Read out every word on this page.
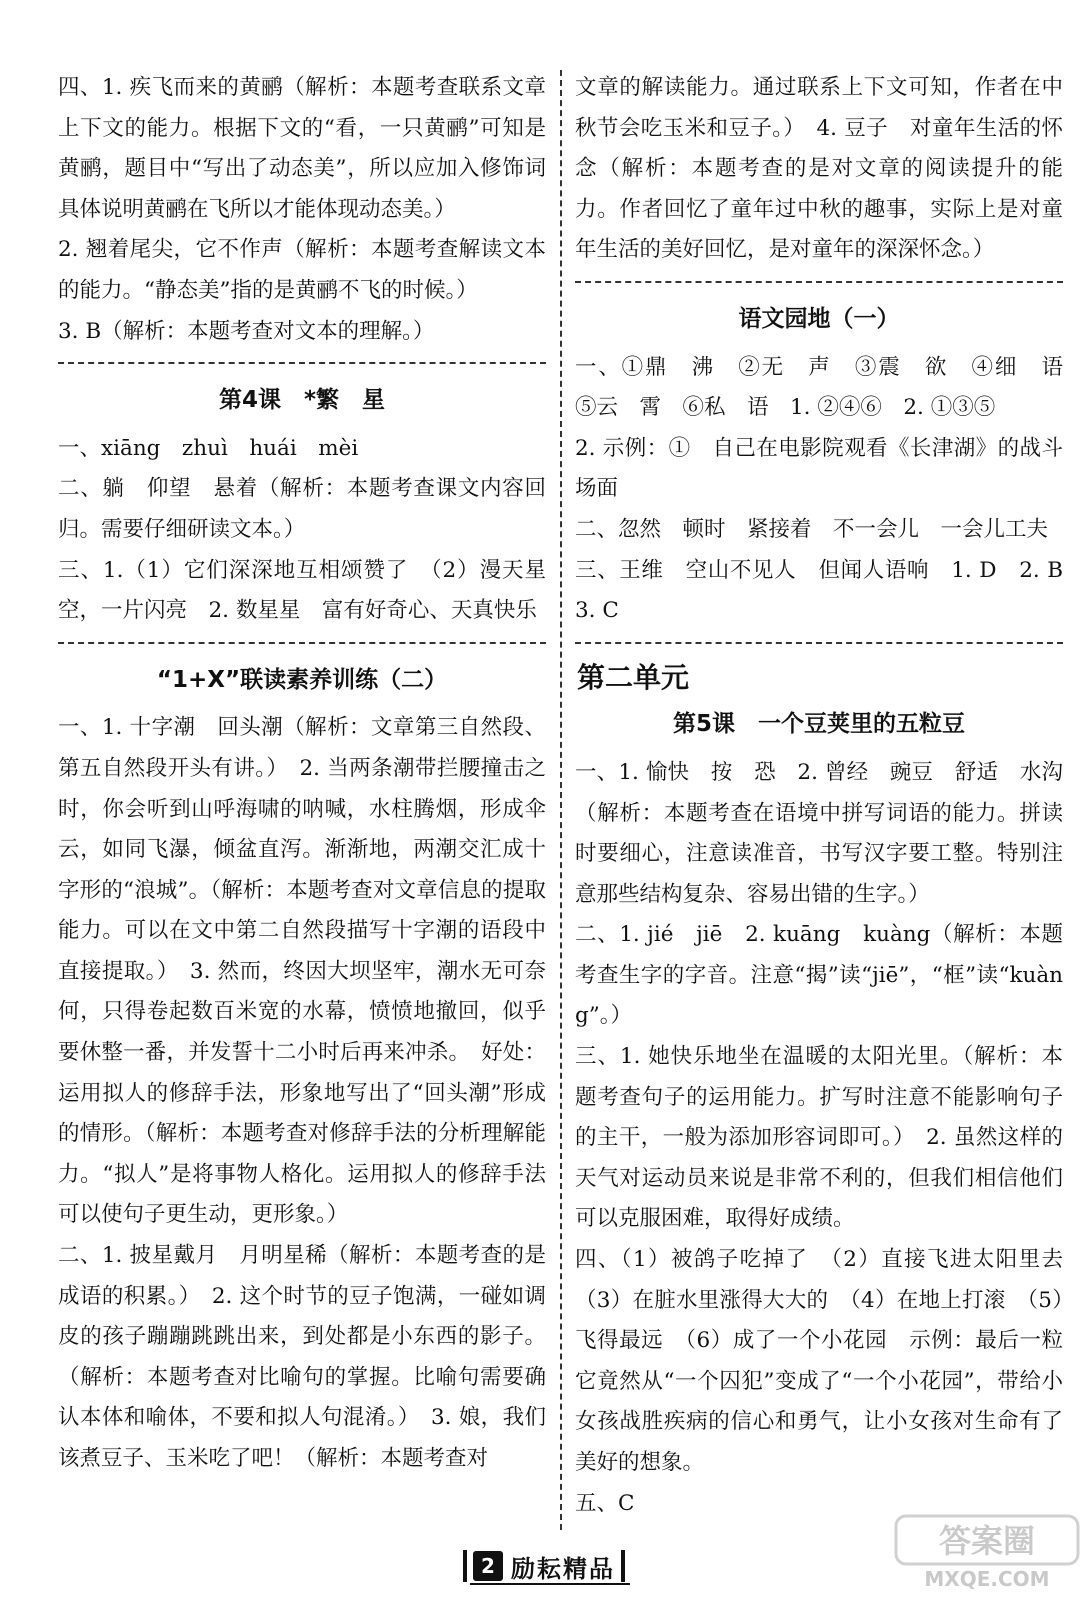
四、1. 疾飞而来的黄鹂（解析：本题考查联系文章上下文的能力。根据下文的“看，一只黄鹂”可知是黄鹂，题目中“写出了动态美”，所以应加入修饰词具体说明黄鹂在飞所以才能体现动态美。）

2. 翘着尾尖，它不作声（解析：本题考查解读文本的能力。“静态美”指的是黄鹂不飞的时候。）

3. B（解析：本题考查对文本的理解。）

第4课　*繁　星

一、xiāng　zhuì　huái　mèi

二、躺　仰望　悬着（解析：本题考查课文内容回归。需要仔细研读文本。）

三、1.（1）它们深深地互相颂赞了　（2）漫天星空，一片闪亮　2. 数星星　富有好奇心、天真快乐

“1+X”联读素养训练（二）

一、1. 十字潮　回头潮（解析：文章第三自然段、第五自然段开头有讲。）　2. 当两条潮带拦腰撞击之时，你会听到山呼海啸的呐喊，水柱腾烟，形成伞云，如同飞瀑，倾盆直泻。渐渐地，两潮交汇成十字形的“浪城”。（解析：本题考查对文章信息的提取能力。可以在文中第二自然段描写十字潮的语段中直接提取。）　3. 然而，终因大坝坚牢，潮水无可奈何，只得卷起数百米宽的水幕，愤愤地撤回，似乎要休整一番，并发誓十二小时后再来冲杀。　好处：运用拟人的修辞手法，形象地写出了“回头潮”形成的情形。（解析：本题考查对修辞手法的分析理解能力。“拟人”是将事物人格化。运用拟人的修辞手法可以使句子更生动，更形象。）

二、1. 披星戴月　月明星稀（解析：本题考查的是成语的积累。）　2. 这个时节的豆子饱满，一碰如调皮的孩子蹦蹦跳跳出来，到处都是小东西的影子。（解析：本题考查对比喻句的掌握。比喻句需要确认本体和喻体，不要和拟人句混淆。）　3. 娘，我们该煮豆子、玉米吃了吧！（解析：本题考查对

文章的解读能力。通过联系上下文可知，作者在中秋节会吃玉米和豆子。）　4. 豆子　对童年生活的怀念（解析：本题考查的是对文章的阅读提升的能力。作者回忆了童年过中秋的趣事，实际上是对童年生活的美好回忆，是对童年的深深怀念。）

语文园地（一）

一、①鼎　沸　②无　声　③震　欲　④细　语　⑤云　霄　⑥私　语　1. ②④⑥　2. ①③⑤

2. 示例：①　自己在电影院观看《长津湖》的战斗场面

二、忽然　顿时　紧接着　不一会儿　一会儿工夫

三、王维　空山不见人　但闻人语响　1. D　2. B　3. C

第二单元
第5课　一个豆荚里的五粒豆

一、1. 愉快　按　恐　2. 曾经　豌豆　舒适　水沟（解析：本题考查在语境中拼写词语的能力。拼读时要细心，注意读准音，书写汉字要工整。特别注意那些结构复杂、容易出错的生字。）

二、1. jié　jiē　2. kuāng　kuàng（解析：本题考查生字的字音。注意“揭”读“jiē”，“框”读“kuàng”。）

三、1. 她快乐地坐在温暖的太阳光里。（解析：本题考查句子的运用能力。扩写时注意不能影响句子的主干，一般为添加形容词即可。）　2. 虽然这样的天气对运动员来说是非常不利的，但我们相信他们可以克服困难，取得好成绩。

四、（1）被鸽子吃掉了　（2）直接飞进太阳里去　（3）在脏水里涨得大大的　（4）在地上打滚　（5）飞得最远　（6）成了一个小花园　示例：最后一粒　它竟然从“一个囚犯”变成了“一个小花园”，带给小女孩战胜疾病的信心和勇气，让小女孩对生命有了美好的想象。

五、C

2 励耘精品
答案圈
MXQE.COM
